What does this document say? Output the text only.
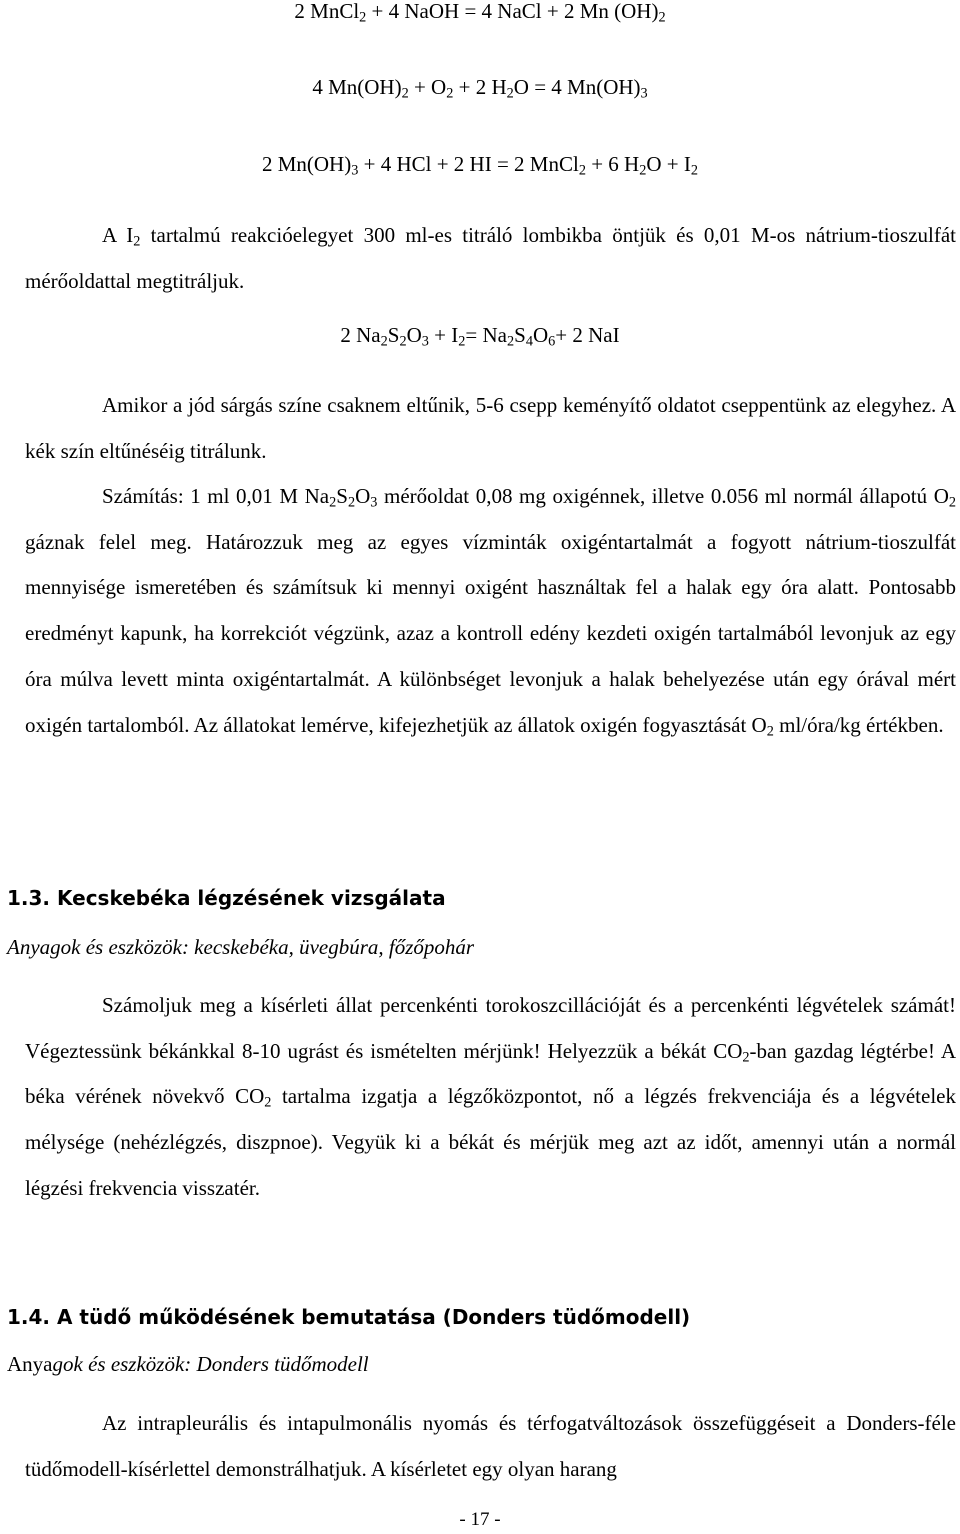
2 MnCl$_2$ + 4 NaOH = 4 NaCl + 2 Mn $(OH)_2$
4 $Mn(OH)_2 + O_2 + 2$ $H_2O = 4$ $Mn(OH)_3$
2 $Mn(OH)_3 + 4$ HCl + 2 HI = 2 MnCl$_2$ + 6 $H_2O + I_2$
A $I_2$ tartalmú reakcióelegyet 300 ml-es titráló lombikba öntjük és 0,01 M-os nátrium-tioszulfát mérőoldattal megtitráljuk.
2 $Na_2S_2O_3 + I_2= Na_2S_4O_6+ 2$ NaI
Amikor a jód sárgás színe csaknem eltűnik, 5-6 csepp keményítő oldatot cseppentünk az elegyhez. A kék szín eltűnéséig titrálunk.
Számítás: 1 ml 0,01 M $Na_2S_2O_3$ mérőoldat 0,08 mg oxigénnek, illetve 0.056 ml normál állapotú $O_2$ gáznak felel meg. Határozzuk meg az egyes vízminták oxigéntartalmát a fogyott nátrium-tioszulfát mennyisége ismeretében és számítsuk ki mennyi oxigént használtak fel a halak egy óra alatt. Pontosabb eredményt kapunk, ha korrekciót végzünk, azaz a kontroll edény kezdeti oxigén tartalmából levonjuk az egy óra múlva levett minta oxigéntartalmát. A különbséget levonjuk a halak behelyezése után egy órával mért oxigén tartalomból. Az állatokat lemérve, kifejezhetjük az állatok oxigén fogyasztását $O_2$ ml/óra/kg értékben.
1.3. Kecskebéka légzésének vizsgálata
Anyagok és eszközök: kecskebéka, üvegbúra, főzőpohár
Számoljuk meg a kísérleti állat percenkénti torokoszcillációját és a percenkénti légvételek számát! Végeztessünk békánkkal 8-10 ugrást és ismételten mérjünk! Helyezzük a békát $CO_2$-ban gazdag légtérbe! A béka vérének növekvő $CO_2$ tartalma izgatja a légzőközpontot, nő a légzés frekvenciája és a légvételek mélysége (nehézlégzés, diszpnoe). Vegyük ki a békát és mérjük meg azt az időt, amennyi után a normál légzési frekvencia visszatér.
1.4. A tüdő működésének bemutatása (Donders tüdőmodell)
Anyagok és eszközök: Donders tüdőmodell
Az intrapleurális és intapulmonális nyomás és térfogatváltozások összefüggéseit a Donders-féle tüdőmodell-kísérlettel demonstrálhatjuk. A kísérletet egy olyan harang
- 17 -
